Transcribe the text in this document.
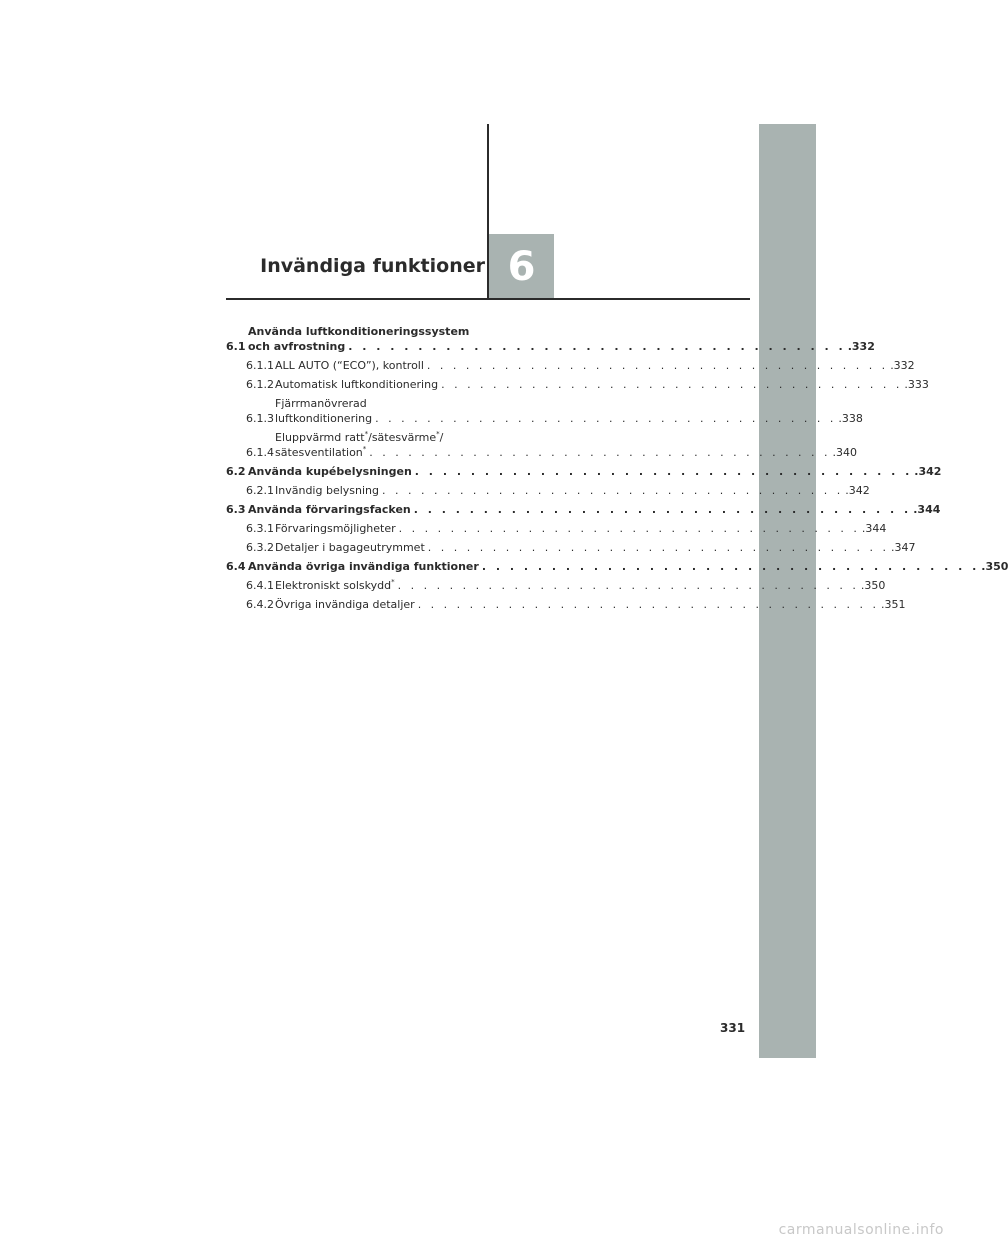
Invändiga funktioner 6
6.1
Använda luftkonditioneringssystem
och avfrostning . . . . . . . . . . . . . . . . . . . . . . . . . . . . . . . . . . . . .332
6.1.1 ALL AUTO (“ECO”), kontroll . . . . . . . . . . . . . . . . . . . . . . . . . . . . . . . . . . . . .332
6.1.2 Automatisk luftkonditionering . . . . . . . . . . . . . . . . . . . . . . . . . . . . . . . . . . . . .333
6.1.3
Fjärrmanövrerad
luftkonditionering . . . . . . . . . . . . . . . . . . . . . . . . . . . . . . . . . . . . .338
6.1.4
Eluppvärmd ratt*/sätesvärme*/
sätesventilation* . . . . . . . . . . . . . . . . . . . . . . . . . . . . . . . . . . . . .340
6.2 Använda kupébelysningen . . . . . . . . . . . . . . . . . . . . . . . . . . . . . . . . . . . . .342
6.2.1 Invändig belysning . . . . . . . . . . . . . . . . . . . . . . . . . . . . . . . . . . . . .342
6.3 Använda förvaringsfacken . . . . . . . . . . . . . . . . . . . . . . . . . . . . . . . . . . . . .344
6.3.1 Förvaringsmöjligheter . . . . . . . . . . . . . . . . . . . . . . . . . . . . . . . . . . . . .344
6.3.2 Detaljer i bagageutrymmet . . . . . . . . . . . . . . . . . . . . . . . . . . . . . . . . . . . . .347
6.4 Använda övriga invändiga funktioner . . . . . . . . . . . . . . . . . . . . . . . . . . . . . . . . . . . . .350
6.4.1 Elektroniskt solskydd* . . . . . . . . . . . . . . . . . . . . . . . . . . . . . . . . . . . . .350
6.4.2 Övriga invändiga detaljer . . . . . . . . . . . . . . . . . . . . . . . . . . . . . . . . . . . . .351
331
carmanualsonline.info
